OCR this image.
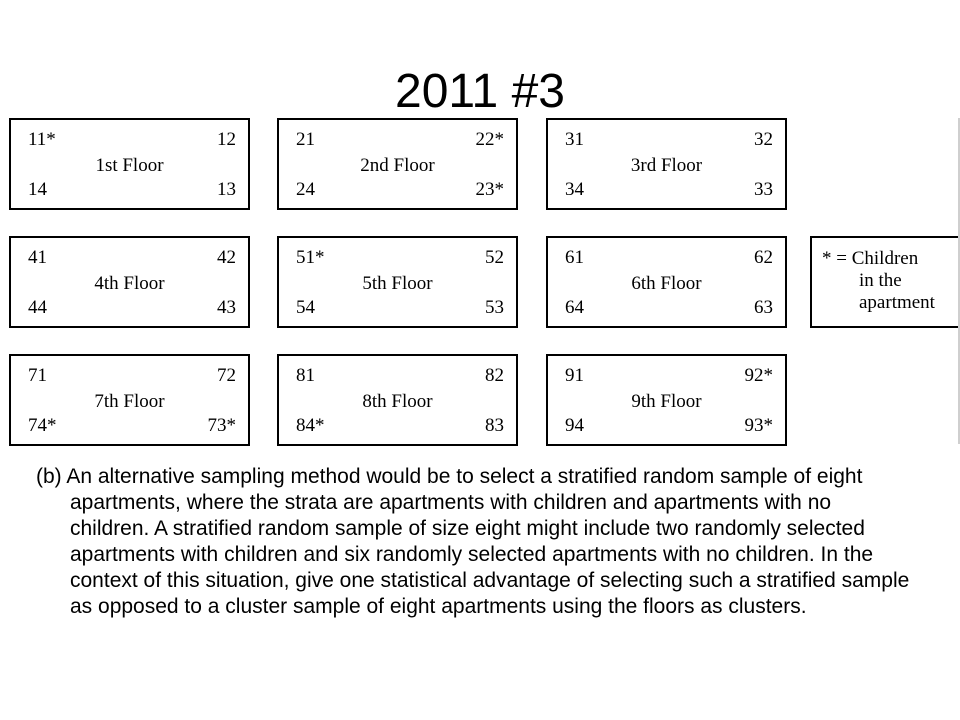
2011 #3
11*	12
1st Floor
14	13
21	22*
2nd Floor
24	23*
31	32
3rd Floor
34	33
41	42
4th Floor
44	43
51*	52
5th Floor
54	53
61	62
6th Floor
64	63
71	72
7th Floor
74*	73*
81	82
8th Floor
84*	83
91	92*
9th Floor
94	93*
* = Children
in the
apartment
(b) An alternative sampling method would be to select a stratified random sample of eight apartments, where the strata are apartments with children and apartments with no children. A stratified random sample of size eight might include two randomly selected apartments with children and six randomly selected apartments with no children. In the context of this situation, give one statistical advantage of selecting such a stratified sample as opposed to a cluster sample of eight apartments using the floors as clusters.
